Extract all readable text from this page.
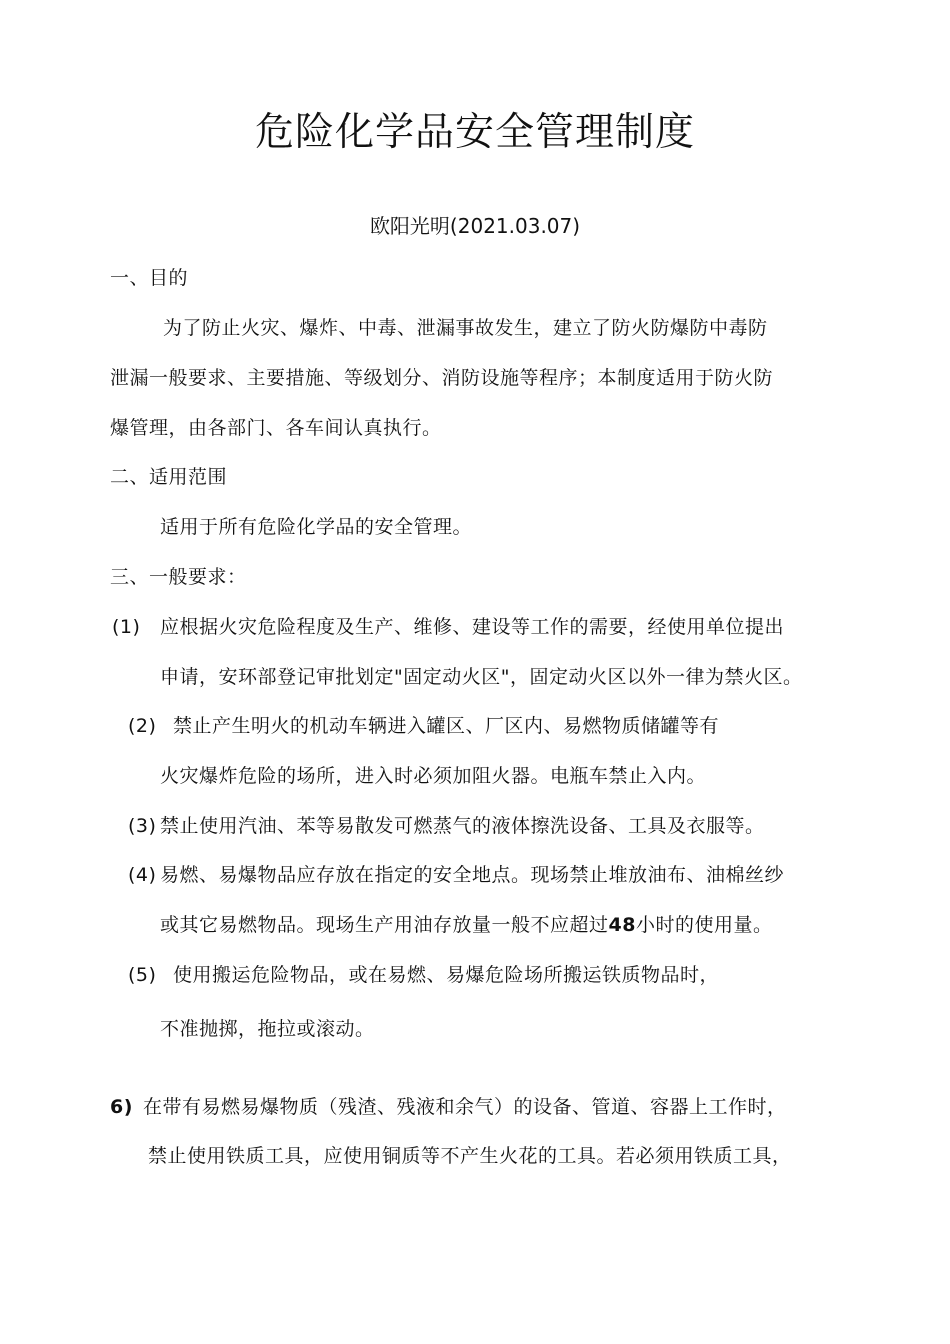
危险化学品安全管理制度
欧阳光明(2021.03.07)
一、目的
为了防止火灾、爆炸、中毒、泄漏事故发生，建立了防火防爆防中毒防
泄漏一般要求、主要措施、等级划分、消防设施等程序；本制度适用于防火防
爆管理，由各部门、各车间认真执行。
二、适用范围
适用于所有危险化学品的安全管理。
三、一般要求：
(1) 应根据火灾危险程度及生产、维修、建设等工作的需要，经使用单位提出
申请，安环部登记审批划定"固定动火区"，固定动火区以外一律为禁火区。
(2) 禁止产生明火的机动车辆进入罐区、厂区内、易燃物质储罐等有
火灾爆炸危险的场所，进入时必须加阻火器。电瓶车禁止入内。
(3) 禁止使用汽油、苯等易散发可燃蒸气的液体擦洗设备、工具及衣服等。
(4) 易燃、易爆物品应存放在指定的安全地点。现场禁止堆放油布、油棉丝纱
或其它易燃物品。现场生产用油存放量一般不应超过48小时的使用量。
(5) 使用搬运危险物品，或在易燃、易爆危险场所搬运铁质物品时，
不准抛掷，拖拉或滚动。
6) 在带有易燃易爆物质（残渣、残液和余气）的设备、管道、容器上工作时，
禁止使用铁质工具，应使用铜质等不产生火花的工具。若必须用铁质工具，
